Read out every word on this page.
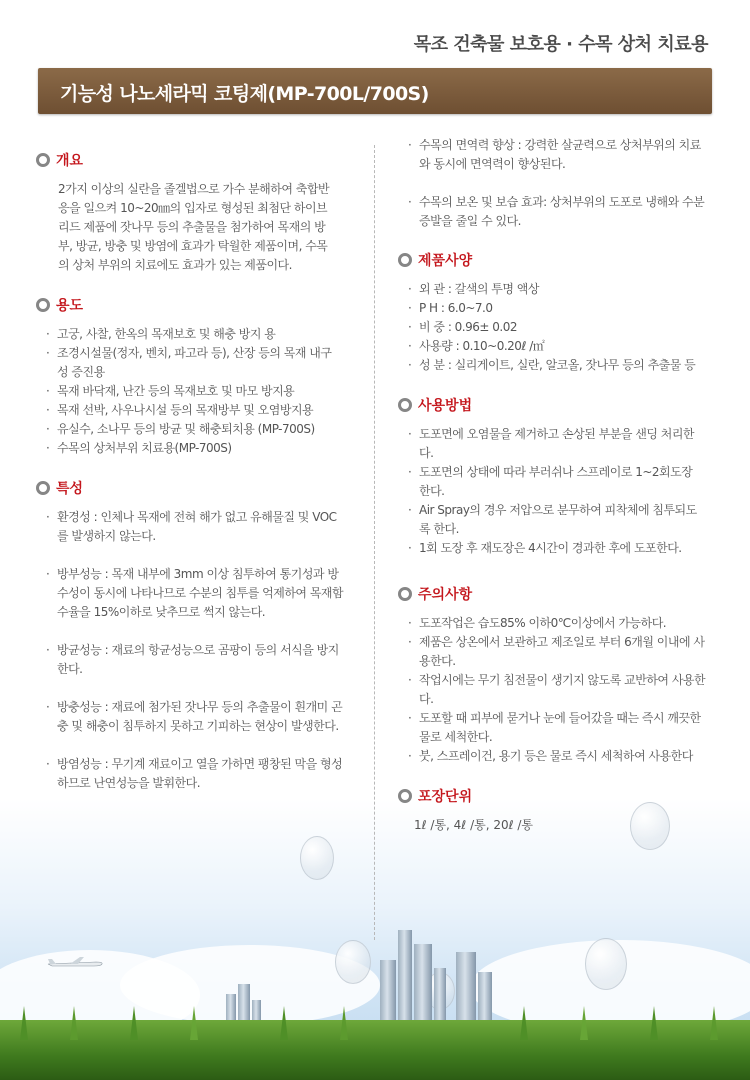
목조 건축물 보호용 · 수목 상처 치료용
기능성 나노세라믹 코팅제(MP-700L/700S)
개요

2가지 이상의 실란을 졸겔법으로 가수 분해하여 축합반응을 일으켜 10~20㎚의 입자로 형성된 최첨단 하이브리드 제품에 잣나무 등의 추출물을 첨가하여 목재의 방부, 방균, 방충 및 방염에 효과가 탁월한 제품이며, 수목의 상처 부위의 치료에도 효과가 있는 제품이다.

용도
· 고궁, 사찰, 한옥의 목재보호 및 해충 방지 용
· 조경시설물(정자, 벤치, 파고라 등), 산장 등의 목재 내구성 증진용
· 목재 바닥재, 난간 등의 목재보호 및 마모 방지용
· 목재 선박, 사우나시설 등의 목재방부 및 오염방지용
· 유실수, 소나무 등의 방균 및 해충퇴치용 (MP-700S)
· 수목의 상처부위 치료용(MP-700S)
특성
· 환경성 : 인체나 목재에 전혀 해가 없고 유해물질 및 VOC를 발생하지 않는다.
· 방부성능 : 목재 내부에 3mm 이상 침투하여 통기성과 방수성이 동시에 나타나므로 수분의 침투를 억제하여 목재함수율을 15%이하로 낮추므로 썩지 않는다.
· 방균성능 : 재료의 항균성능으로 곰팡이 등의 서식을 방지한다.
· 방충성능 : 재료에 첨가된 잣나무 등의 추출물이 흰개미 곤충 및 해충이 침투하지 못하고 기피하는 현상이 발생한다.
· 방염성능 : 무기계 재료이고 열을 가하면 팽창된 막을 형성하므로 난연성능을 발휘한다.
· 수목의 면역력 향상 : 강력한 살균력으로 상처부위의 치료와 동시에 면역력이 향상된다.
· 수목의 보온 및 보습 효과: 상처부위의 도포로 냉해와 수분 증발을 줄일 수 있다.
제품사양
· 외 관 : 갈색의 투명 액상
· P H : 6.0~7.0
· 비 중 : 0.96± 0.02
· 사용량 : 0.10~0.20ℓ /㎡
· 성 분 : 실리게이트, 실란, 알코올, 잣나무 등의 추출물 등
사용방법
· 도포면에 오염물을 제거하고 손상된 부분을 샌딩 처리한다.
· 도포면의 상태에 따라 부러쉬나 스프레이로 1~2회도장한다.
· Air Spray의 경우 저압으로 분무하여 피착체에 침투되도록 한다.
· 1회 도장 후 재도장은 4시간이 경과한 후에 도포한다.
주의사항
· 도포작업은 습도85% 이하0℃이상에서 가능하다.
· 제품은 상온에서 보관하고 제조일로 부터 6개월 이내에 사용한다.
· 작업시에는 무기 침전물이 생기지 않도록 교반하여 사용한다.
· 도포할 때 피부에 묻거나 눈에 들어갔을 때는 즉시 깨끗한 물로 세척한다.
· 붓, 스프레이건, 용기 등은 물로 즉시 세척하여 사용한다
포장단위

1ℓ /통, 4ℓ /통, 20ℓ /통
